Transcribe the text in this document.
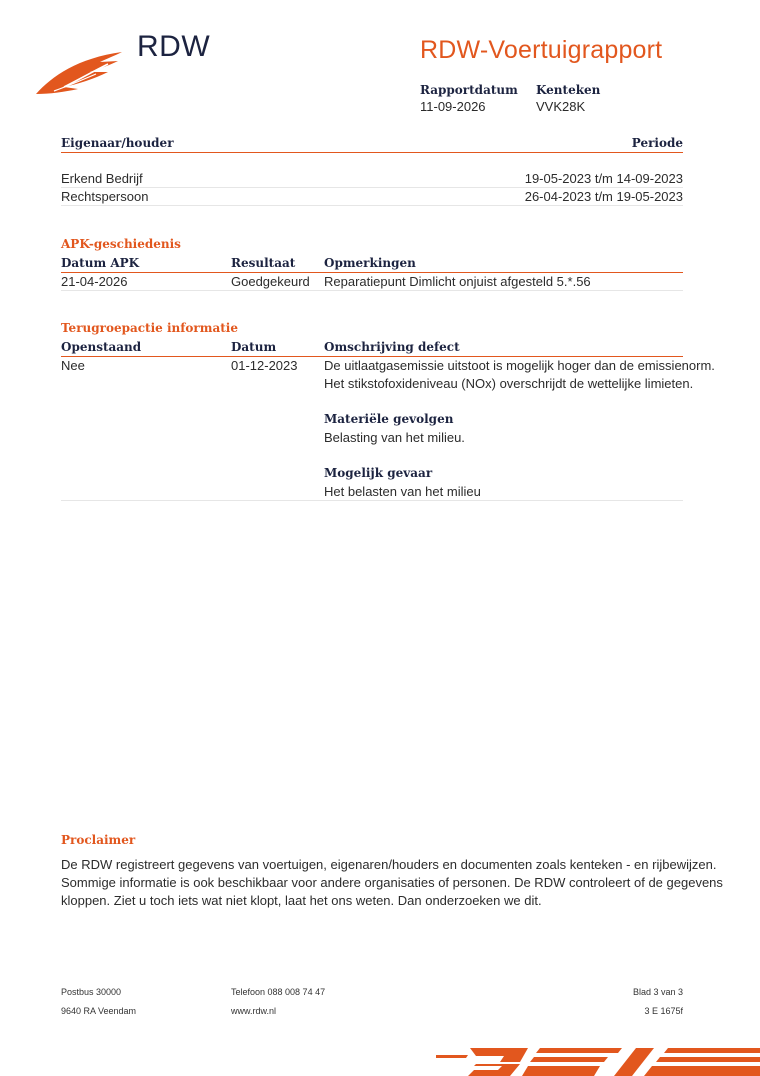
RDW	RDW-Voertuigrapport
Rapportdatum
11-09-2026
Kenteken
VVK28K
Eigenaar/houder	Periode
Erkend Bedrijf	19-05-2023 t/m 14-09-2023
Rechtspersoon	26-04-2023 t/m 19-05-2023
APK-geschiedenis
Datum APK	Resultaat Opmerkingen
21-04-2026	Goedgekeurd Reparatiepunt Dimlicht onjuist afgesteld 5.*.56
Terugroepactie informatie
Openstaand	Datum	Omschrijving defect
Nee	01-12-2023 De uitlaatgasemissie uitstoot is mogelijk hoger dan de emissienorm.
Het stikstofoxideniveau (NOx) overschrijdt de wettelijke limieten.
Materiële gevolgen
Belasting van het milieu.
Mogelijk gevaar
Het belasten van het milieu
Proclaimer
De RDW registreert gegevens van voertuigen, eigenaren/houders en documenten zoals kenteken - en rijbewijzen.
Sommige informatie is ook beschikbaar voor andere organisaties of personen. De RDW controleert of de gegevens
kloppen. Ziet u toch iets wat niet klopt, laat het ons weten. Dan onderzoeken we dit.
Postbus 30000
9640 RA Veendam
Telefoon 088 008 74 47
www.rdw.nl
Blad 3 van 3
3 E 1675f
